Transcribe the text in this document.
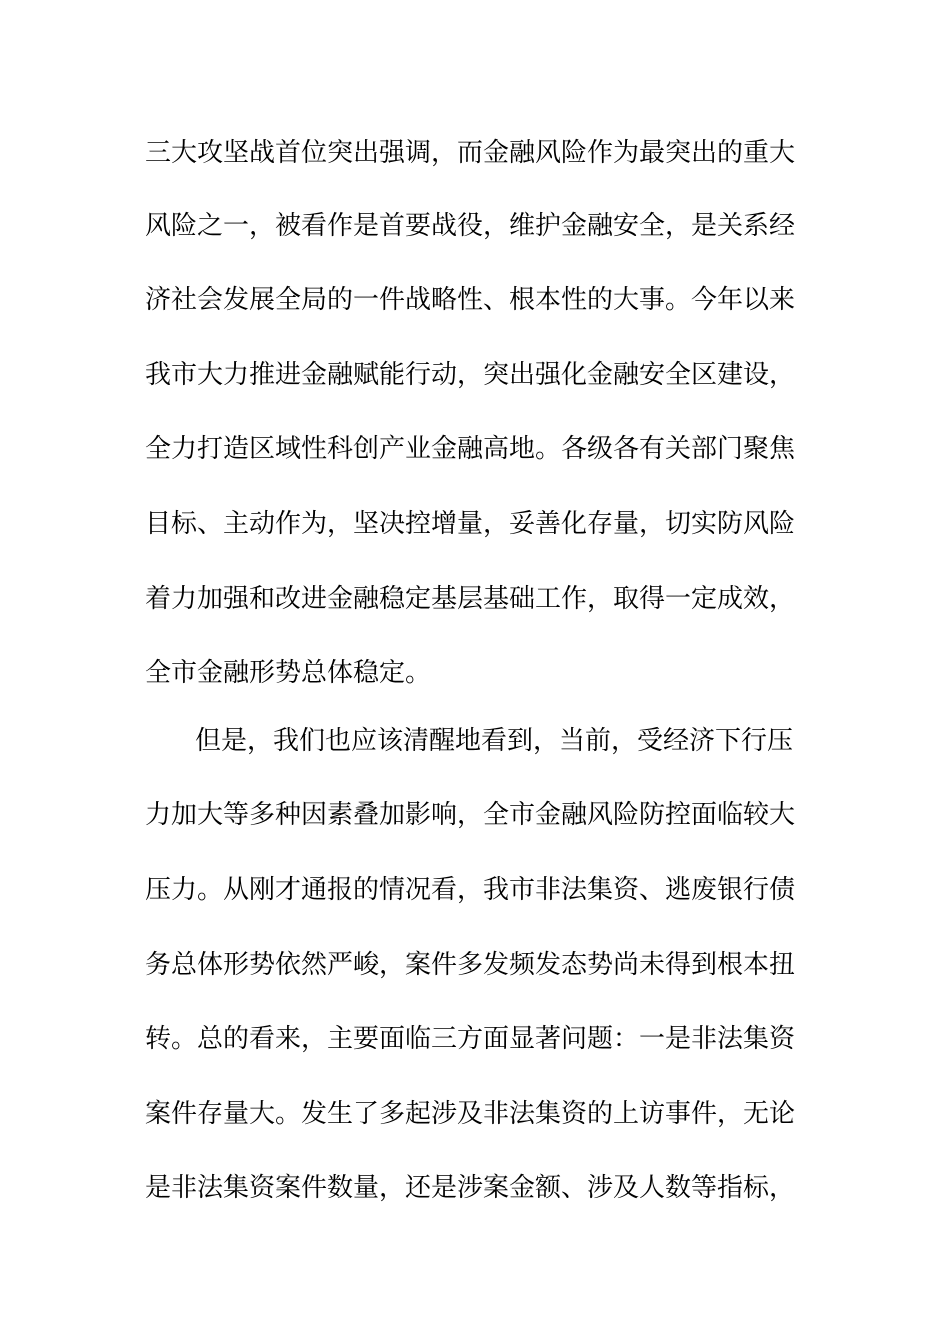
三大攻坚战首位突出强调，而金融风险作为最突出的重大
风险之一，被看作是首要战役，维护金融安全，是关系经
济社会发展全局的一件战略性、根本性的大事。今年以来
我市大力推进金融赋能行动，突出强化金融安全区建设，
全力打造区域性科创产业金融高地。各级各有关部门聚焦
目标、主动作为，坚决控增量，妥善化存量，切实防风险
着力加强和改进金融稳定基层基础工作，取得一定成效，
全市金融形势总体稳定。
但是，我们也应该清醒地看到，当前，受经济下行压
力加大等多种因素叠加影响，全市金融风险防控面临较大
压力。从刚才通报的情况看，我市非法集资、逃废银行债
务总体形势依然严峻，案件多发频发态势尚未得到根本扭
转。总的看来，主要面临三方面显著问题：一是非法集资
案件存量大。发生了多起涉及非法集资的上访事件，无论
是非法集资案件数量，还是涉案金额、涉及人数等指标，
